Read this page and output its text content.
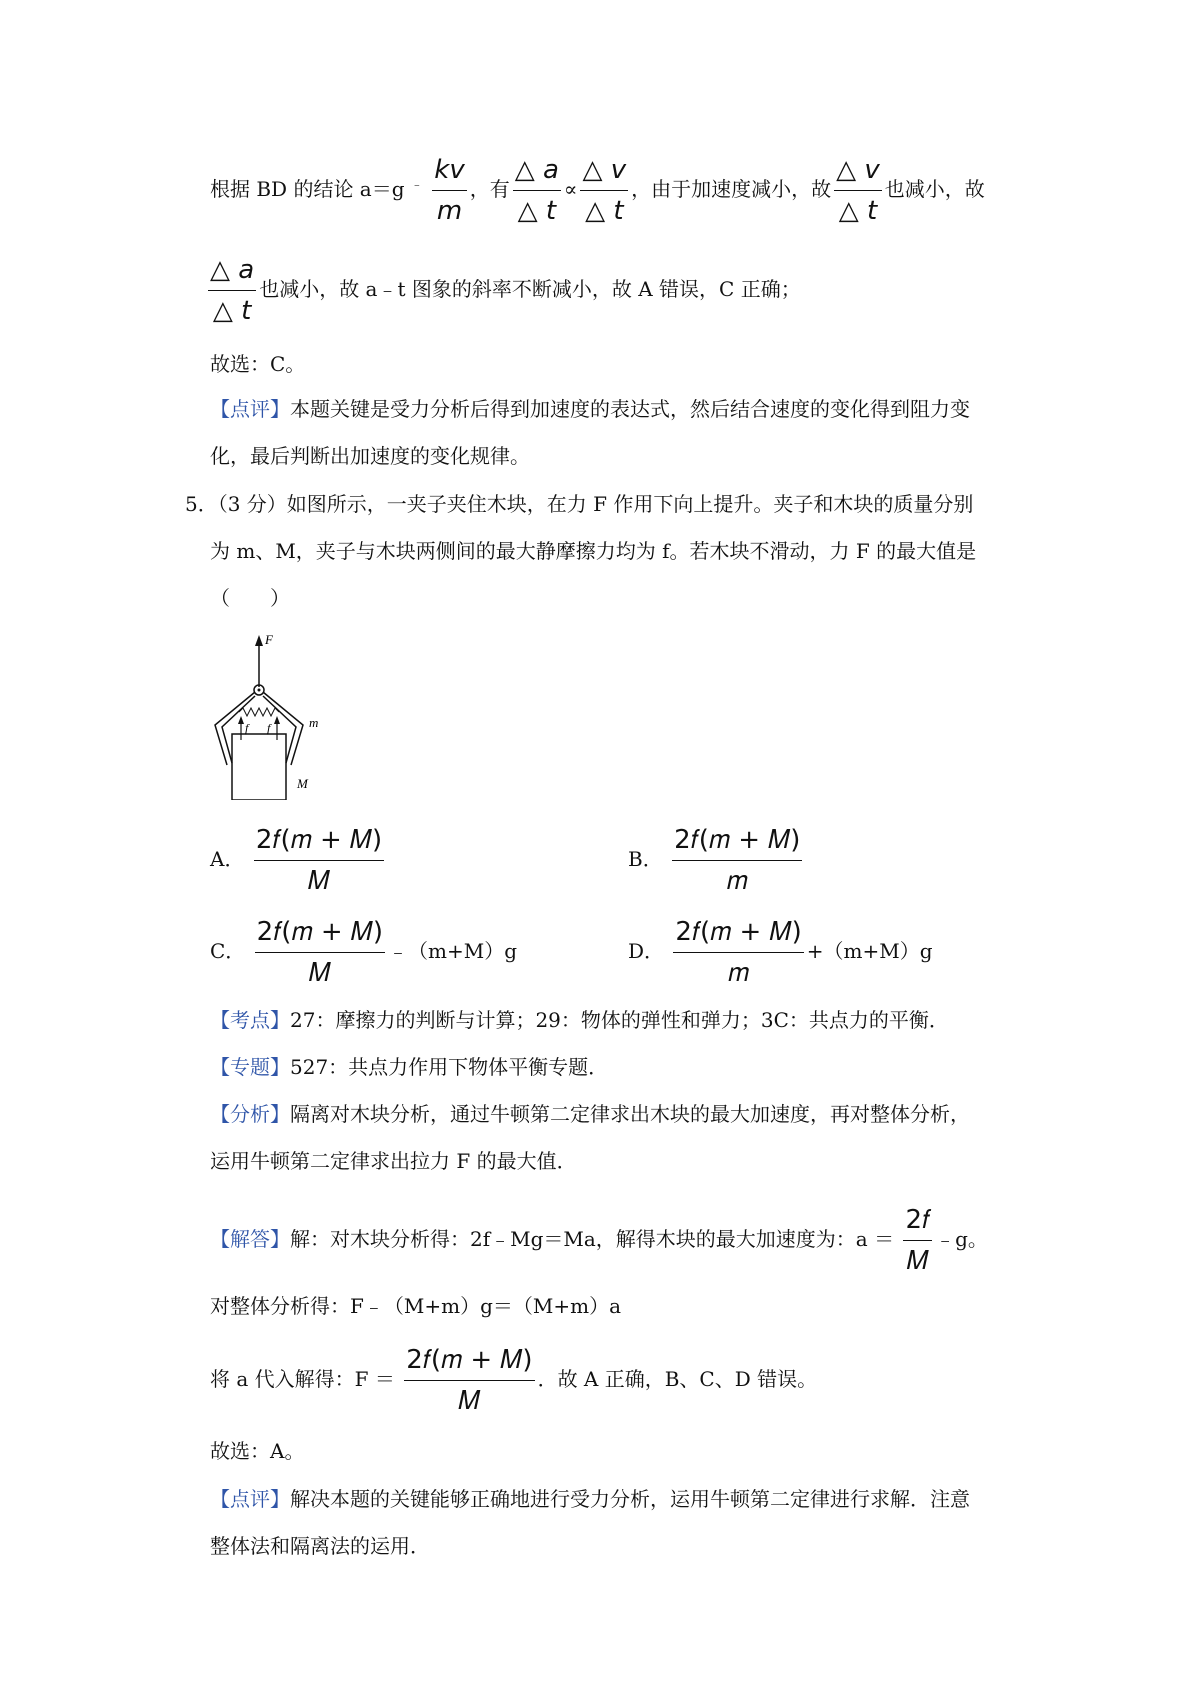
根据 BD 的结论 a＝g $^﹣ \frac{kv}{m}$ ，有 $\frac{\triangle a}{\triangle t} \propto \frac{\triangle v}{\triangle t}$ ，由于加速度减小，故 $\frac{\triangle v}{\triangle t}$ 也减小，故
$\frac{\triangle a}{\triangle t}$ 也减小，故 a﹣t 图象的斜率不断减小，故 A 错误，C 正确；
故选：C。
【点评】本题关键是受力分析后得到加速度的表达式，然后结合速度的变化得到阻力变
化，最后判断出加速度的变化规律。
5．（3 分）如图所示，一夹子夹住木块，在力 F 作用下向上提升。夹子和木块的质量分别
为 m、M，夹子与木块两侧间的最大静摩擦力均为 f。若木块不滑动，力 F 的最大值是
（　　）
F
m
M
f f
A． $\frac{\text{2𝑓(𝑚 + 𝑀)}}{\text{𝑀}}$	B． $\frac{\text{2𝑓(𝑚 + 𝑀)}}{\text{𝑚}}$
C． $\frac{\text{2𝑓(𝑚 + 𝑀)}}{\text{𝑀}}$ ﹣（m+M）g	D． $\frac{\text{2𝑓(𝑚 + 𝑀)}}{\text{𝑚}} +(m+M)g$
【考点】27：摩擦力的判断与计算；29：物体的弹性和弹力；3C：共点力的平衡．
【专题】527：共点力作用下物体平衡专题．
【分析】隔离对木块分析，通过牛顿第二定律求出木块的最大加速度，再对整体分析，
运用牛顿第二定律求出拉力 F 的最大值．
【解答】解：对木块分析得：2f﹣Mg＝Ma，解得木块的最大加速度为：$a = \frac{\text{2𝑓}}{\text{𝑀}}$ ﹣g。
对整体分析得：F﹣（M+m）g＝（M+m）a
将 a 代入解得：$F = \frac{\text{2𝑓(𝑚 + 𝑀)}}{\text{𝑀}}$ ．故 A 正确，B、C、D 错误。
故选：A。
【点评】解决本题的关键能够正确地进行受力分析，运用牛顿第二定律进行求解．注意
整体法和隔离法的运用．
